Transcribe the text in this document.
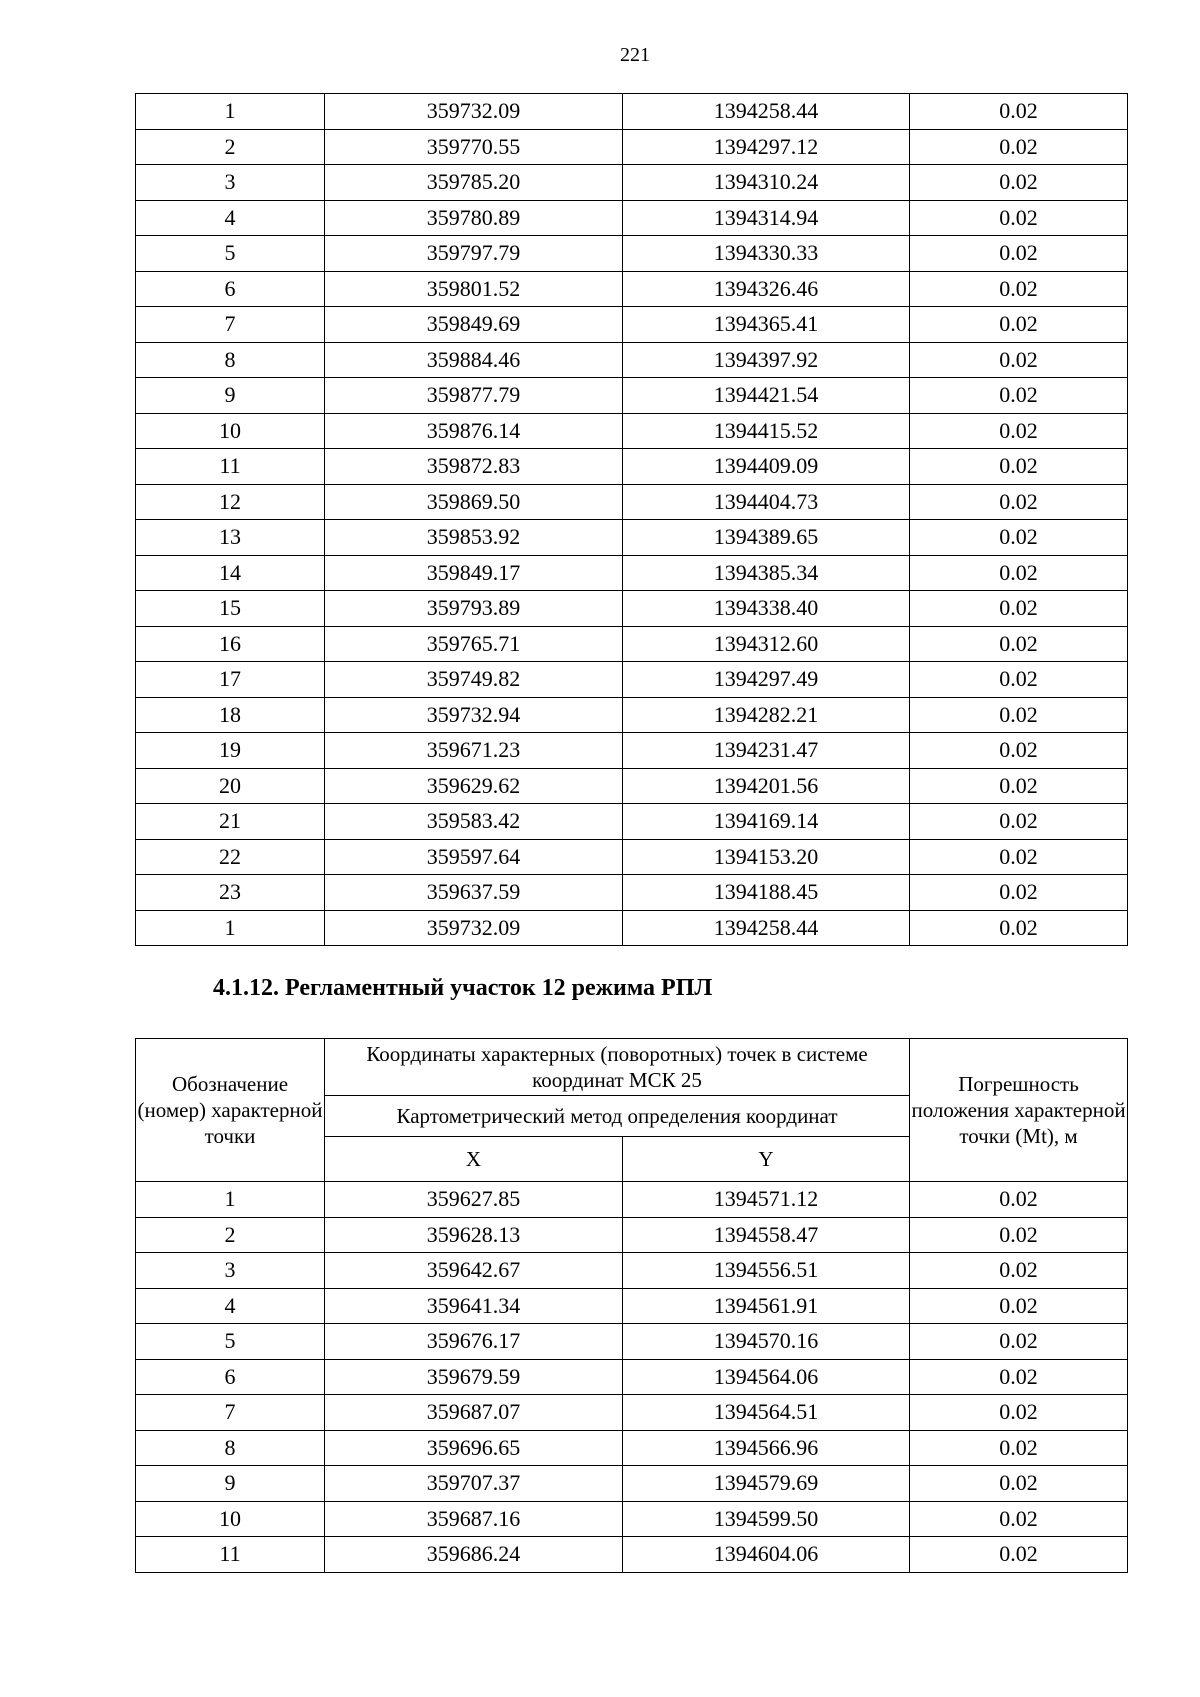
221
1	359732.09	1394258.44	0.02
2	359770.55	1394297.12	0.02
3	359785.20	1394310.24	0.02
4	359780.89	1394314.94	0.02
5	359797.79	1394330.33	0.02
6	359801.52	1394326.46	0.02
7	359849.69	1394365.41	0.02
8	359884.46	1394397.92	0.02
9	359877.79	1394421.54	0.02
10	359876.14	1394415.52	0.02
11	359872.83	1394409.09	0.02
12	359869.50	1394404.73	0.02
13	359853.92	1394389.65	0.02
14	359849.17	1394385.34	0.02
15	359793.89	1394338.40	0.02
16	359765.71	1394312.60	0.02
17	359749.82	1394297.49	0.02
18	359732.94	1394282.21	0.02
19	359671.23	1394231.47	0.02
20	359629.62	1394201.56	0.02
21	359583.42	1394169.14	0.02
22	359597.64	1394153.20	0.02
23	359637.59	1394188.45	0.02
1	359732.09	1394258.44	0.02
4.1.12. Регламентный участок 12 режима РПЛ
Обозначение (номер) характерной точки	Координаты характерных (поворотных) точек в системе координат МСК 25		Погрешность положения характерной точки (Mt), м
	Картометрический метод определения координат		
	X	Y	
1	359627.85	1394571.12	0.02
2	359628.13	1394558.47	0.02
3	359642.67	1394556.51	0.02
4	359641.34	1394561.91	0.02
5	359676.17	1394570.16	0.02
6	359679.59	1394564.06	0.02
7	359687.07	1394564.51	0.02
8	359696.65	1394566.96	0.02
9	359707.37	1394579.69	0.02
10	359687.16	1394599.50	0.02
11	359686.24	1394604.06	0.02
